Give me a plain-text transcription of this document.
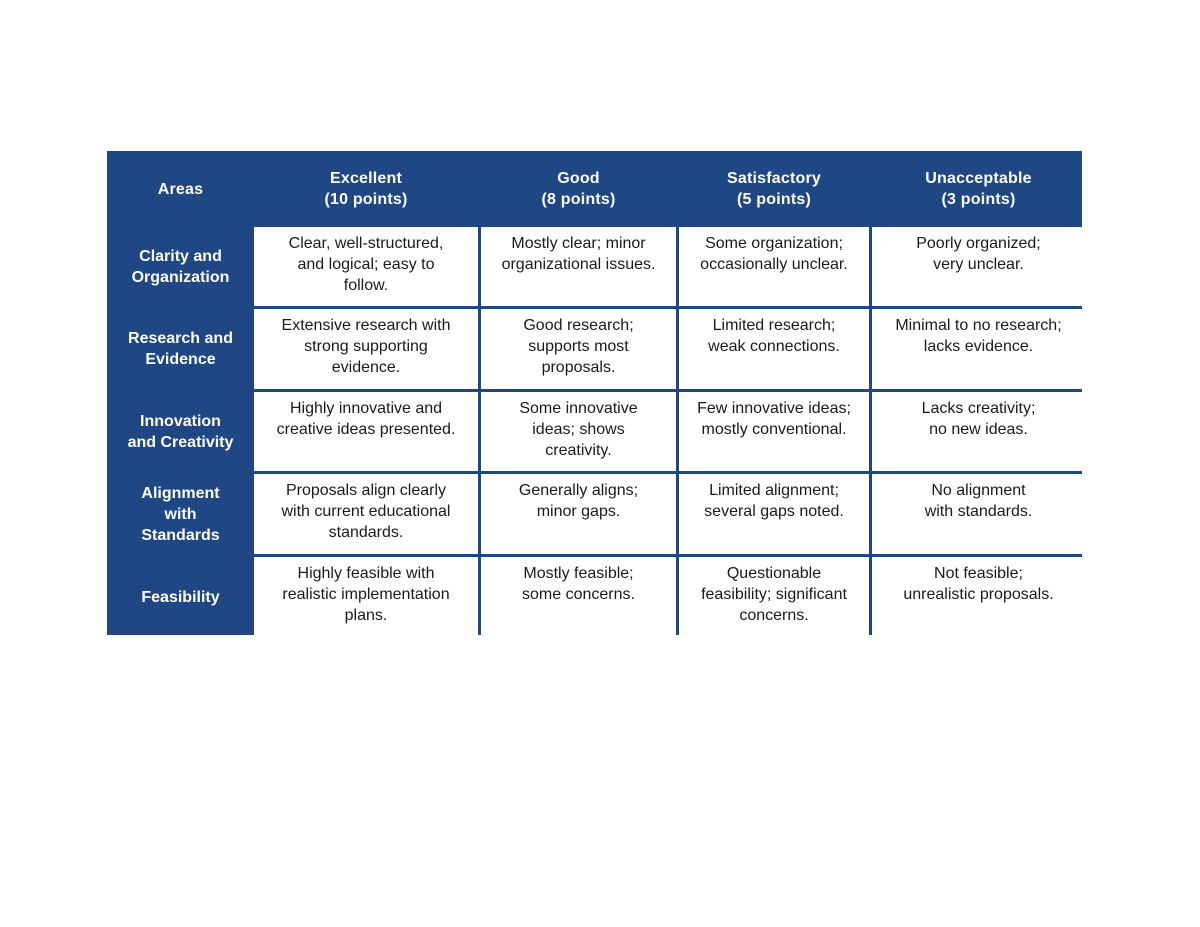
Areas
Excellent
(10 points)
Good
(8 points)
Satisfactory
(5 points)
Unacceptable
(3 points)
Clarity and
Organization
Clear, well-structured,
and logical; easy to
follow.
Mostly clear; minor
organizational issues.
Some organization;
occasionally unclear.
Poorly organized;
very unclear.
Research and
Evidence
Extensive research with
strong supporting
evidence.
Good research;
supports most
proposals.
Limited research;
weak connections.
Minimal to no research;
lacks evidence.
Innovation
and Creativity
Highly innovative and
creative ideas presented.
Some innovative
ideas; shows
creativity.
Few innovative ideas;
mostly conventional.
Lacks creativity;
no new ideas.
Alignment
with
Standards
Proposals align clearly
with current educational
standards.
Generally aligns;
minor gaps.
Limited alignment;
several gaps noted.
No alignment
with standards.
Feasibility
Highly feasible with
realistic implementation
plans.
Mostly feasible;
some concerns.
Questionable
feasibility; significant
concerns.
Not feasible;
unrealistic proposals.
